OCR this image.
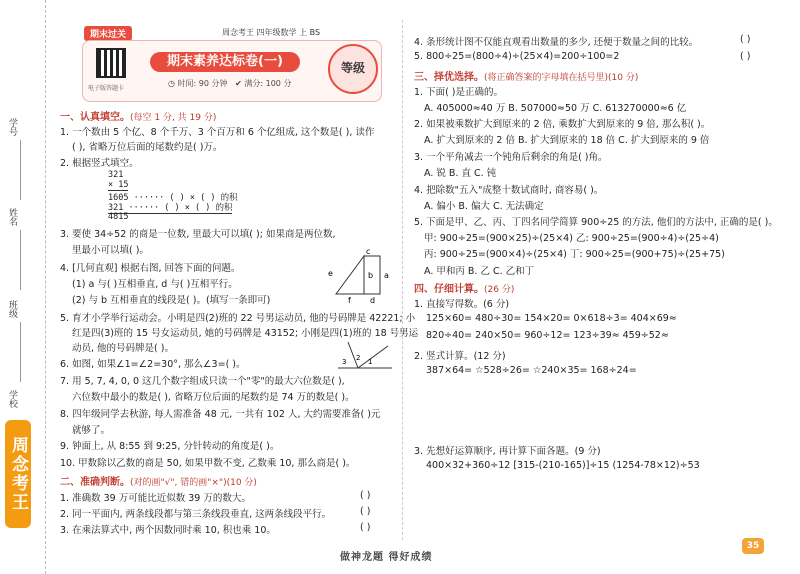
学号
姓名
班级
学校
周念考王
期末过关	周念考王 四年级数学 上 BS
电子版答题卡
期末素养达标卷(一)
◷ 时间: 90 分钟 ✔ 满分: 100 分
等级
一、认真填空。(每空 1 分, 共 19 分)
1. 一个数由 5 个亿、8 个千万、3 个百万和 6 个亿组成, 这个数是( ), 读作
( ), 省略万位后面的尾数约是( )万。
2. 根据竖式填空。
321
× 15
1605 ······ ( ) × ( ) 的积
321 ······ ( ) × ( ) 的积
4815
3. 要使 34÷52 的商是一位数, 里最大可以填( ); 如果商是两位数,
里最小可以填( )。
4. [几何直观] 根据右图, 回答下面的问题。
(1) a 与( )互相垂直, d 与( )互相平行。
(2) 与 b 互相垂直的线段是( )。(填写一条即可)
e
c
b a
f d
5. 育才小学举行运动会。小明是四(2)班的 22 号男运动员, 他的号码牌是 42221; 小
红是四(3)班的 15 号女运动员, 她的号码牌是 43152; 小刚是四(1)班的 18 号男运
动员, 他的号码牌是( )。
6. 如图, 如果∠1=∠2=30°, 那么∠3=( )。	3 2 1
7. 用 5, 7, 4, 0, 0 这几个数字组成只读一个"零"的最大六位数是( ),
六位数中最小的数是( ), 省略万位后面的尾数约是 74 万的数是( )。
8. 四年级同学去秋游, 每人需准备 48 元, 一共有 102 人, 大约需要准备( )元
就够了。
9. 钟面上, 从 8:55 到 9:25, 分针转动的角度是( )。
10. 甲数除以乙数的商是 50, 如果甲数不变, 乙数乘 10, 那么商是( )。
二、准确判断。(对的画"√", 错的画"×")(10 分)
1. 准确数 39 万可能比近似数 39 万的数大。	( )
2. 同一平面内, 两条线段都与第三条线段垂直, 这两条线段平行。	( )
3. 在乘法算式中, 两个因数同时乘 10, 积也乘 10。	( )
4. 条形统计图不仅能直观看出数量的多少, 还便于数量之间的比较。	( )
5. 800÷25=(800÷4)÷(25×4)=200÷100=2	( )
三、择优选择。(将正确答案的字母填在括号里)(10 分)
1. 下面( )是正确的。
A. 405000≈40 万 B. 507000≈50 万 C. 613270000≈6 亿
2. 如果被乘数扩大到原来的 2 倍, 乘数扩大到原来的 9 倍, 那么积( )。
A. 扩大到原来的 2 倍 B. 扩大到原来的 18 倍 C. 扩大到原来的 9 倍
3. 一个平角减去一个钝角后剩余的角是( )角。
A. 锐 B. 直 C. 钝
4. 把除数"五入"成整十数试商时, 商容易( )。
A. 偏小 B. 偏大 C. 无法确定
5. 下面是甲、乙、丙、丁四名同学简算 900÷25 的方法, 他们的方法中, 正确的是( )。
甲: 900÷25=(900×25)÷(25×4) 乙: 900÷25=(900÷4)÷(25÷4)
丙: 900÷25=(900×4)÷(25×4) 丁: 900÷25=(900+75)÷(25+75)
A. 甲和丙 B. 乙 C. 乙和丁
四、仔细计算。(26 分)
1. 直接写得数。(6 分)
125×60= 480÷30= 154×20= 0×618÷3= 404×69≈
820÷40= 240×50= 960÷12= 123÷39≈ 459÷52≈
2. 竖式计算。(12 分)
387×64= ☆528÷26= ☆240×35= 168÷24=
3. 先想好运算顺序, 再计算下面各题。(9 分)
400×32+360÷12 [315-(210-165)]÷15 (1254-78×12)÷53
做神龙题 得好成绩
35
